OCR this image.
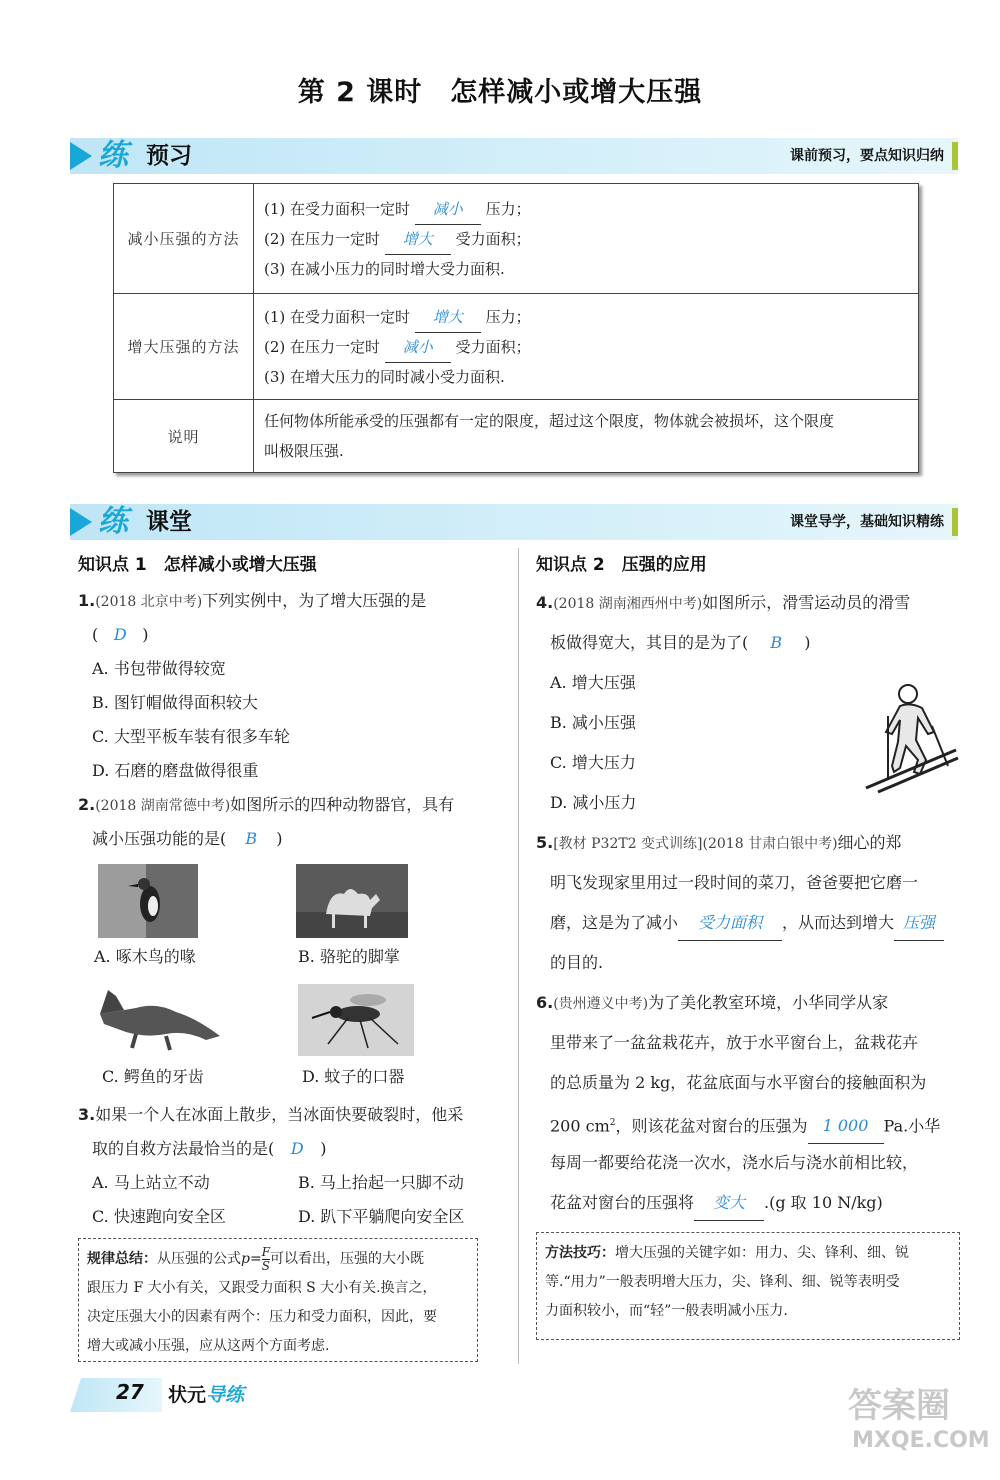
第 2 课时　怎样减小或增大压强
练 预习	课前预习，要点知识归纳
减小压强的方法	(1) 在受力面积一定时 减小 压力；
(2) 在压力一定时 增大 受力面积；
(3) 在减小压力的同时增大受力面积.

增大压强的方法	(1) 在受力面积一定时 增大 压力；
(2) 在压力一定时 减小 受力面积；
(3) 在增大压力的同时减小受力面积.

说明	任何物体所能承受的压强都有一定的限度，超过这个限度，物体就会被损坏，这个限度
叫极限压强.
练 课堂	课堂导学，基础知识精练
知识点 1　怎样减小或增大压强
1.(2018 北京中考)下列实例中，为了增大压强的是
( D )
A. 书包带做得较宽
B. 图钉帽做得面积较大
C. 大型平板车装有很多车轮
D. 石磨的磨盘做得很重
2.(2018 湖南常德中考)如图所示的四种动物器官，具有
减小压强功能的是( B )
A. 啄木鸟的喙	B. 骆驼的脚掌
C. 鳄鱼的牙齿	D. 蚊子的口器
3.如果一个人在冰面上散步，当冰面快要破裂时，他采
取的自救方法最恰当的是( D )
A. 马上站立不动	B. 马上抬起一只脚不动
C. 快速跑向安全区	D. 趴下平躺爬向安全区
规律总结：从压强的公式$p= \frac{F}{S}$ 可以看出，压强的大小既
跟压力 F 大小有关，又跟受力面积 S 大小有关.换言之，
决定压强大小的因素有两个：压力和受力面积，因此，要
增大或减小压强，应从这两个方面考虑.
知识点 2　压强的应用
4.(2018 湖南湘西州中考)如图所示，滑雪运动员的滑雪
板做得宽大，其目的是为了( B )
A. 增大压强
B. 减小压强
C. 增大压力
D. 减小压力
5.[教材 P32T2 变式训练](2018 甘肃白银中考)细心的郑
明飞发现家里用过一段时间的菜刀，爸爸要把它磨一
磨，这是为了减小 受力面积 ，从而达到增大 压强
的目的.
6.(贵州遵义中考)为了美化教室环境，小华同学从家
里带来了一盆盆栽花卉，放于水平窗台上，盆栽花卉
的总质量为 2 kg，花盆底面与水平窗台的接触面积为
200 $cm^2$，则该花盆对窗台的压强为 1 000 Pa.小华
每周一都要给花浇一次水，浇水后与浇水前相比较，
花盆对窗台的压强将 变大 .(g 取 10 N/kg)
方法技巧：增大压强的关键字如：用力、尖、锋利、细、锐
等.“用力”一般表明增大压力，尖、锋利、细、锐等表明受
力面积较小，而“轻”一般表明减小压力.
27 状元导练	答案圈
MXQE.COM
